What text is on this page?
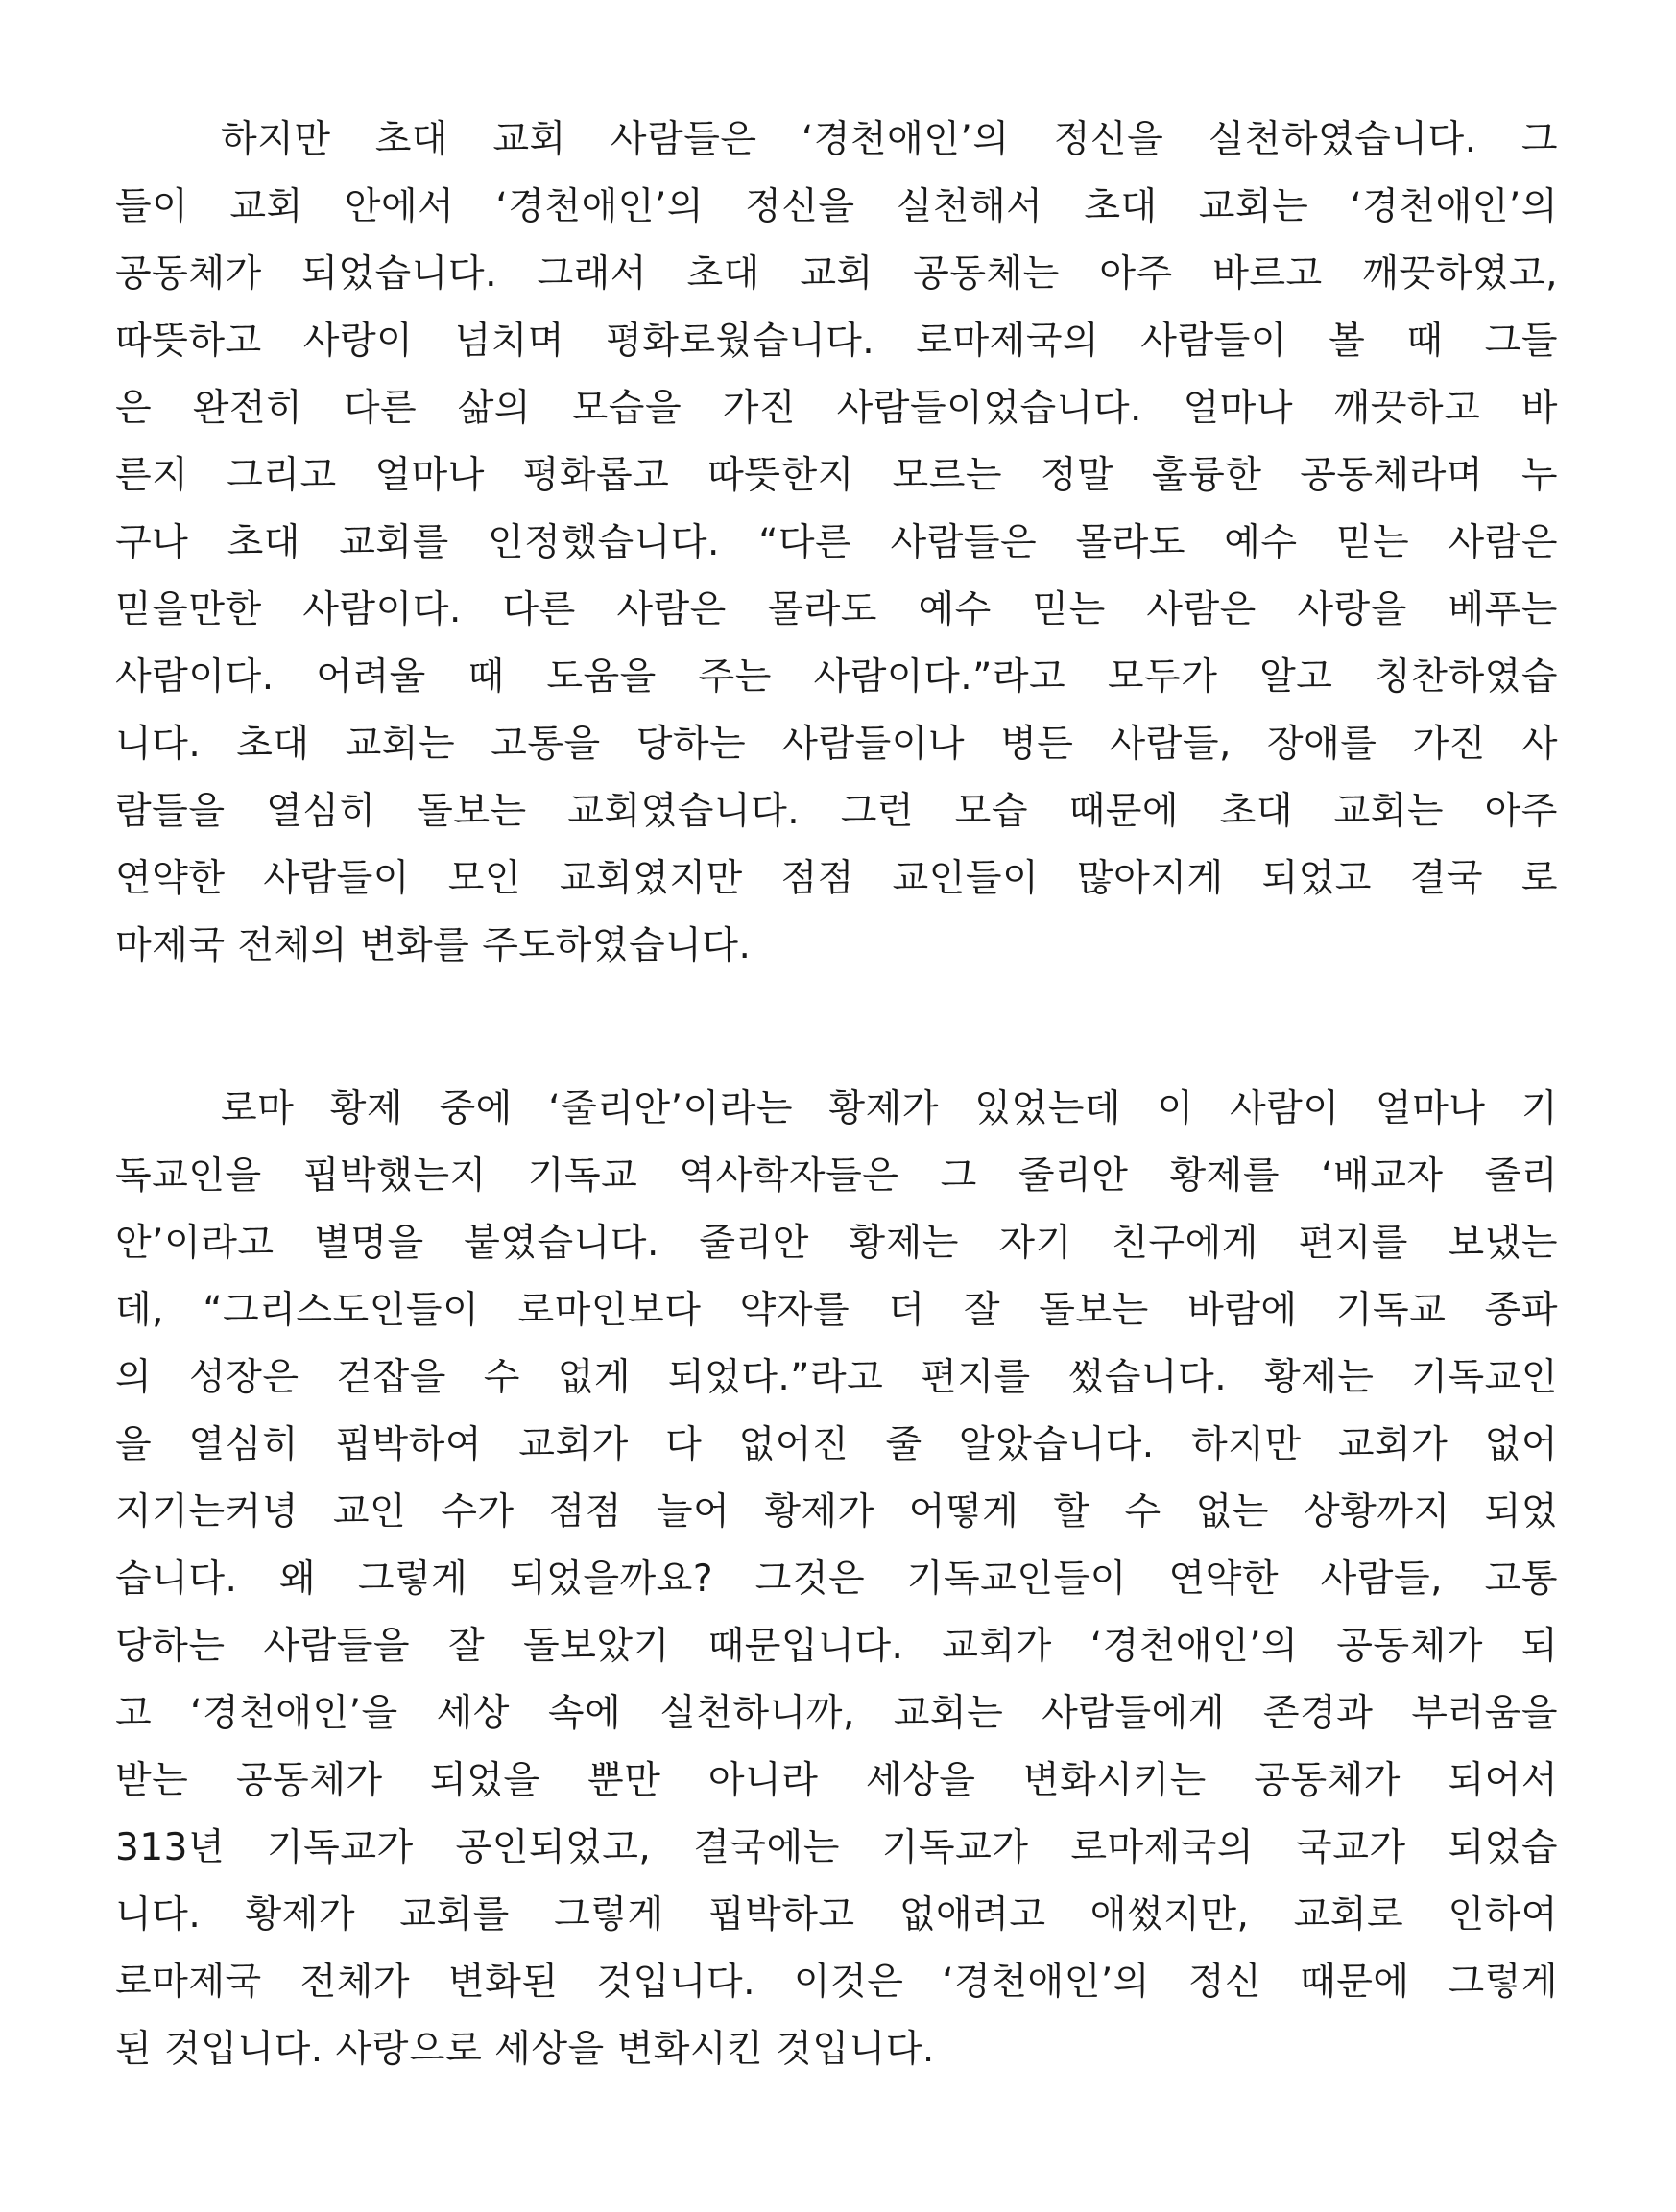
하지만 초대 교회 사람들은 ‘경천애인’의 정신을 실천하였습니다. 그
들이 교회 안에서 ‘경천애인’의 정신을 실천해서 초대 교회는 ‘경천애인’의
공동체가 되었습니다. 그래서 초대 교회 공동체는 아주 바르고 깨끗하였고,
따뜻하고 사랑이 넘치며 평화로웠습니다. 로마제국의 사람들이 볼 때 그들
은 완전히 다른 삶의 모습을 가진 사람들이었습니다. 얼마나 깨끗하고 바
른지 그리고 얼마나 평화롭고 따뜻한지 모르는 정말 훌륭한 공동체라며 누
구나 초대 교회를 인정했습니다. “다른 사람들은 몰라도 예수 믿는 사람은
믿을만한 사람이다. 다른 사람은 몰라도 예수 믿는 사람은 사랑을 베푸는
사람이다. 어려울 때 도움을 주는 사람이다.”라고 모두가 알고 칭찬하였습
니다. 초대 교회는 고통을 당하는 사람들이나 병든 사람들, 장애를 가진 사
람들을 열심히 돌보는 교회였습니다. 그런 모습 때문에 초대 교회는 아주
연약한 사람들이 모인 교회였지만 점점 교인들이 많아지게 되었고 결국 로
마제국 전체의 변화를 주도하였습니다.
로마 황제 중에 ‘줄리안’이라는 황제가 있었는데 이 사람이 얼마나 기
독교인을 핍박했는지 기독교 역사학자들은 그 줄리안 황제를 ‘배교자 줄리
안’이라고 별명을 붙였습니다. 줄리안 황제는 자기 친구에게 편지를 보냈는
데, “그리스도인들이 로마인보다 약자를 더 잘 돌보는 바람에 기독교 종파
의 성장은 걷잡을 수 없게 되었다.”라고 편지를 썼습니다. 황제는 기독교인
을 열심히 핍박하여 교회가 다 없어진 줄 알았습니다. 하지만 교회가 없어
지기는커녕 교인 수가 점점 늘어 황제가 어떻게 할 수 없는 상황까지 되었
습니다. 왜 그렇게 되었을까요? 그것은 기독교인들이 연약한 사람들, 고통
당하는 사람들을 잘 돌보았기 때문입니다. 교회가 ‘경천애인’의 공동체가 되
고 ‘경천애인’을 세상 속에 실천하니까, 교회는 사람들에게 존경과 부러움을
받는 공동체가 되었을 뿐만 아니라 세상을 변화시키는 공동체가 되어서
313년 기독교가 공인되었고, 결국에는 기독교가 로마제국의 국교가 되었습
니다. 황제가 교회를 그렇게 핍박하고 없애려고 애썼지만, 교회로 인하여
로마제국 전체가 변화된 것입니다. 이것은 ‘경천애인’의 정신 때문에 그렇게
된 것입니다. 사랑으로 세상을 변화시킨 것입니다.
